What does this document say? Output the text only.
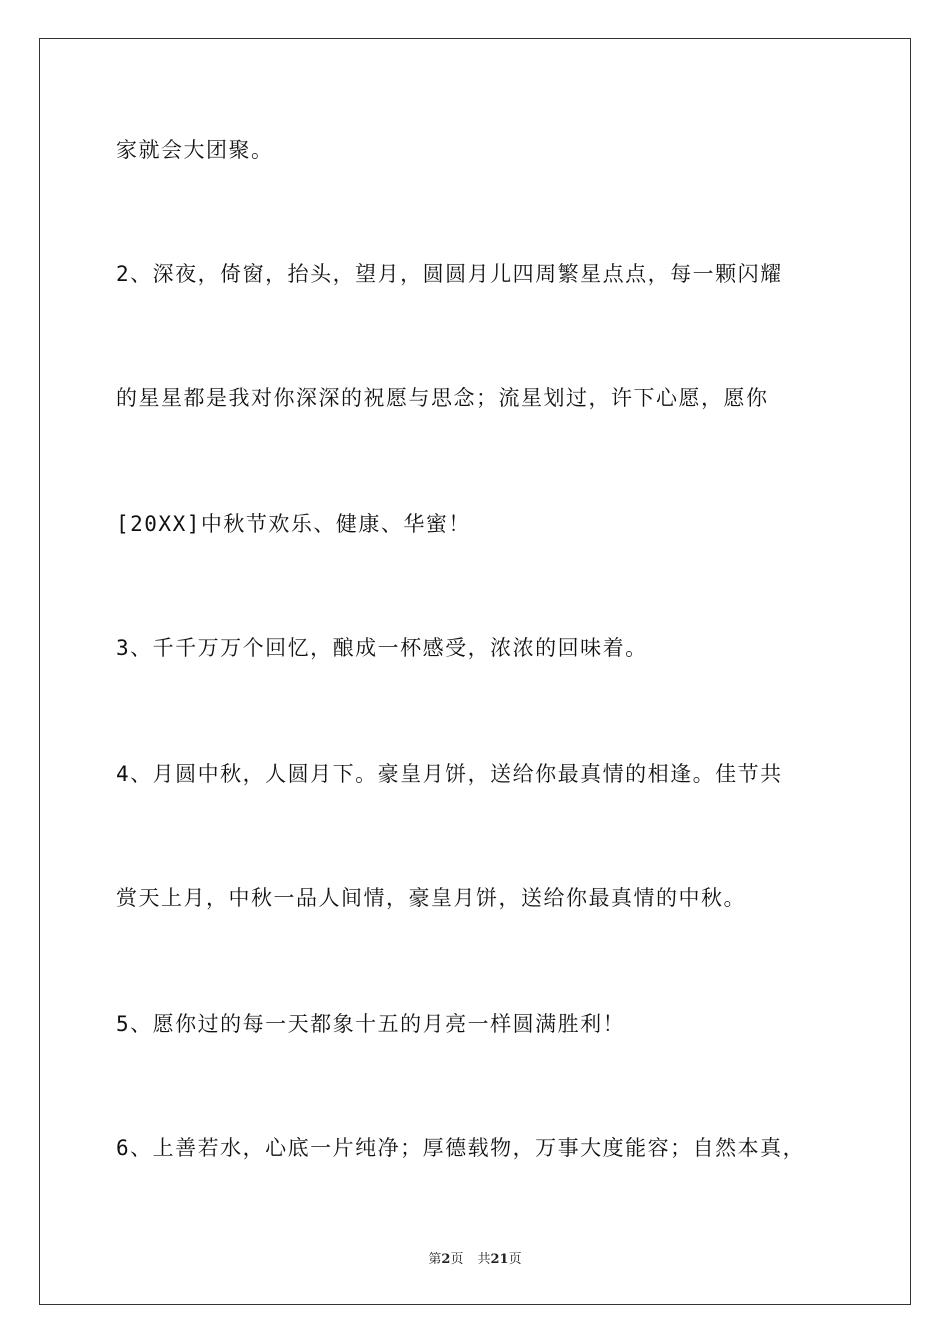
家就会大团聚。
2、深夜，倚窗，抬头，望月，圆圆月儿四周繁星点点，每一颗闪耀
的星星都是我对你深深的祝愿与思念；流星划过，许下心愿，愿你
[20XX]中秋节欢乐、健康、华蜜！
3、千千万万个回忆，酿成一杯感受，浓浓的回味着。
4、月圆中秋，人圆月下。豪皇月饼，送给你最真情的相逢。佳节共
赏天上月，中秋一品人间情，豪皇月饼，送给你最真情的中秋。
5、愿你过的每一天都象十五的月亮一样圆满胜利！
6、上善若水，心底一片纯净；厚德载物，万事大度能容；自然本真，
第2页 共21页
